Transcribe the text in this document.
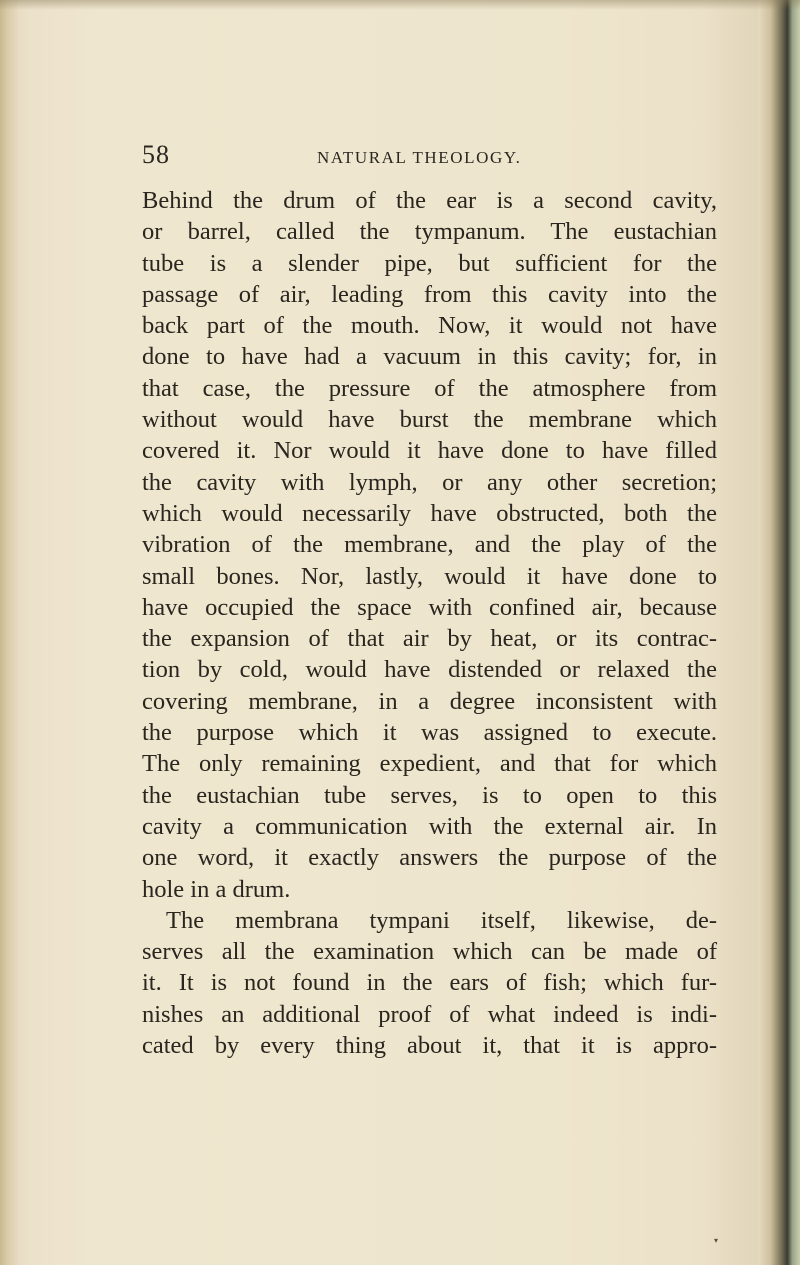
58	NATURAL THEOLOGY.
Behind the drum of the ear is a second cavity,
or barrel, called the tympanum. The eustachian
tube is a slender pipe, but sufficient for the
passage of air, leading from this cavity into the
back part of the mouth. Now, it would not have
done to have had a vacuum in this cavity; for, in
that case, the pressure of the atmosphere from
without would have burst the membrane which
covered it. Nor would it have done to have filled
the cavity with lymph, or any other secretion;
which would necessarily have obstructed, both the
vibration of the membrane, and the play of the
small bones. Nor, lastly, would it have done to
have occupied the space with confined air, because
the expansion of that air by heat, or its contrac-
tion by cold, would have distended or relaxed the
covering membrane, in a degree inconsistent with
the purpose which it was assigned to execute.
The only remaining expedient, and that for which
the eustachian tube serves, is to open to this
cavity a communication with the external air. In
one word, it exactly answers the purpose of the
hole in a drum.
The membrana tympani itself, likewise, de-
serves all the examination which can be made of
it. It is not found in the ears of fish; which fur-
nishes an additional proof of what indeed is indi-
cated by every thing about it, that it is appro-
▾
